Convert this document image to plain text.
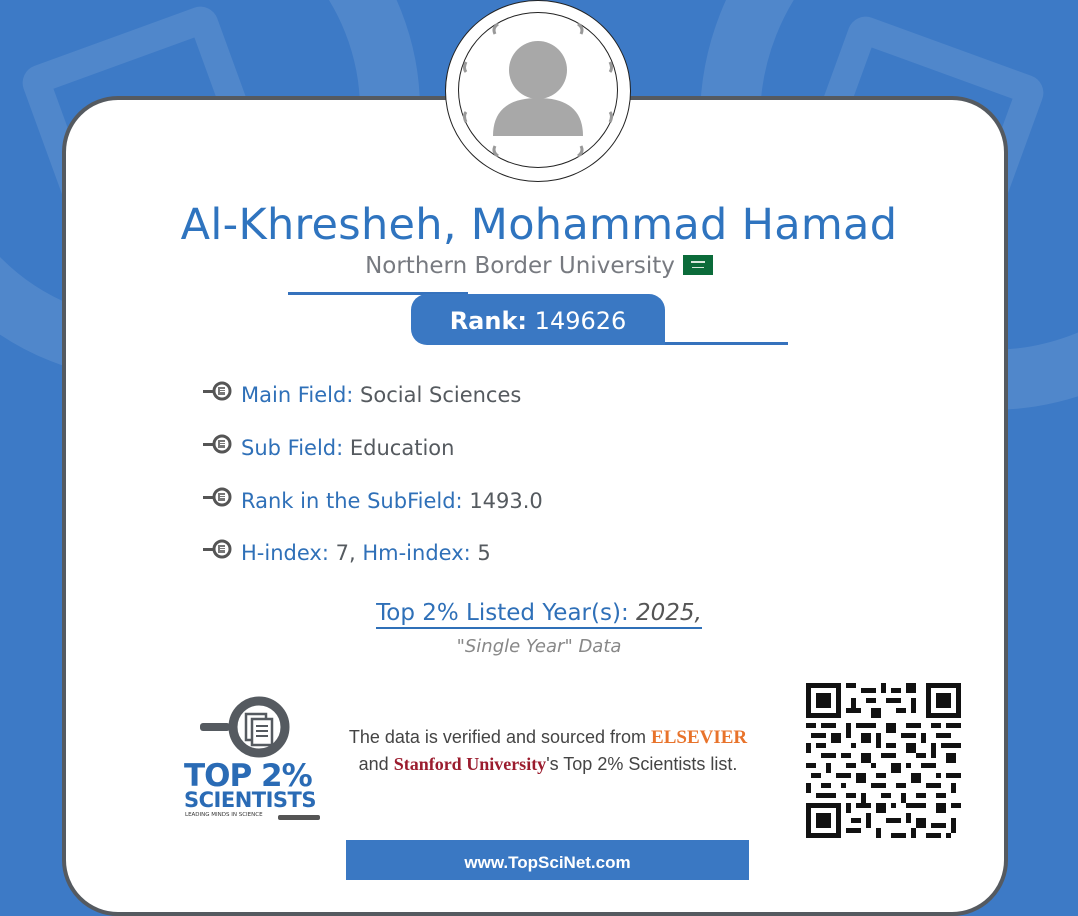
Al-Khresheh, Mohammad Hamad
Northern Border University
Rank: 149626
Main Field: Social Sciences
Sub Field: Education
Rank in the SubField: 1493.0
H-index: 7, Hm-index: 5
Top 2% Listed Year(s): 2025,
"Single Year" Data
TOP 2%
SCIENTISTS
LEADING MINDS IN SCIENCE
The data is verified and sourced from ELSEVIER
and Stanford University's Top 2% Scientists list.
www.TopSciNet.com
